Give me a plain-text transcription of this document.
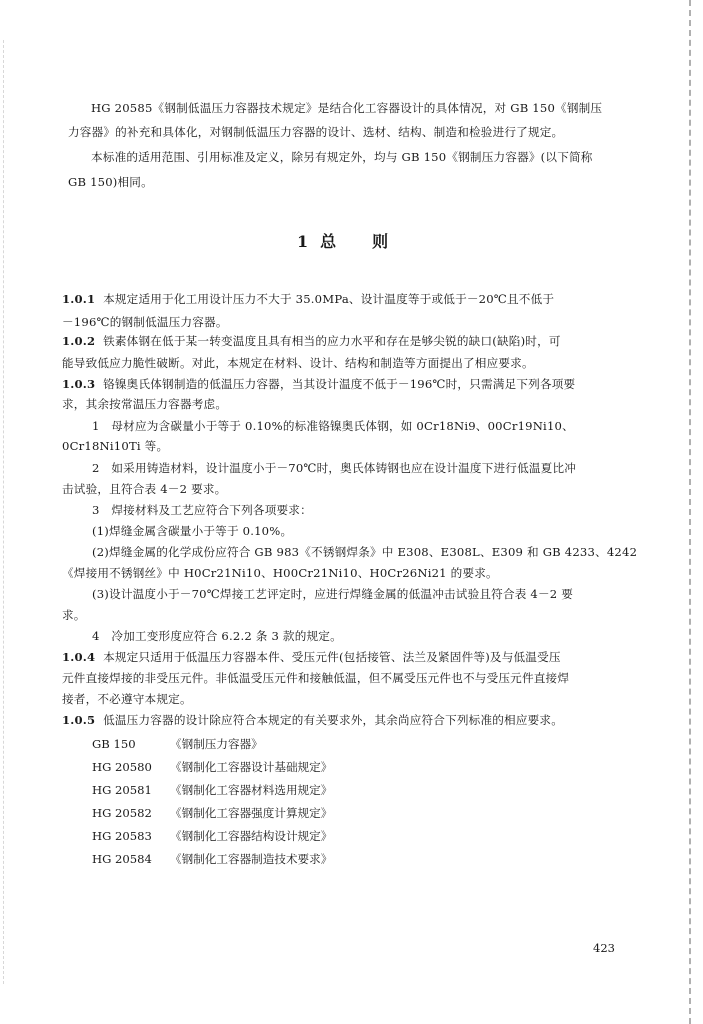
HG 20585《钢制低温压力容器技术规定》是结合化工容器设计的具体情况，对 GB 150《钢制压
力容器》的补充和具体化，对钢制低温压力容器的设计、选材、结构、制造和检验进行了规定。
本标准的适用范围、引用标准及定义，除另有规定外，均与 GB 150《钢制压力容器》(以下简称
GB 150)相同。
1 总 则
1.0.1 本规定适用于化工用设计压力不大于 35.0MPa、设计温度等于或低于－20℃且不低于
－196℃的钢制低温压力容器。
1.0.2 铁素体钢在低于某一转变温度且具有相当的应力水平和存在是够尖锐的缺口(缺陷)时，可
能导致低应力脆性破断。对此，本规定在材料、设计、结构和制造等方面提出了相应要求。
1.0.3 铬镍奥氏体钢制造的低温压力容器，当其设计温度不低于－196℃时，只需满足下列各项要
求，其余按常温压力容器考虑。
1　母材应为含碳量小于等于 0.10%的标准铬镍奥氏体钢，如 0Cr18Ni9、00Cr19Ni10、
0Cr18Ni10Ti 等。
2　如采用铸造材料，设计温度小于－70℃时，奥氏体铸钢也应在设计温度下进行低温夏比冲
击试验，且符合表 4－2 要求。
3　焊接材料及工艺应符合下列各项要求：
(1)焊缝金属含碳量小于等于 0.10%。
(2)焊缝金属的化学成份应符合 GB 983《不锈钢焊条》中 E308、E308L、E309 和 GB 4233、4242
《焊接用不锈钢丝》中 H0Cr21Ni10、H00Cr21Ni10、H0Cr26Ni21 的要求。
(3)设计温度小于－70℃焊接工艺评定时，应进行焊缝金属的低温冲击试验且符合表 4－2 要
求。
4　冷加工变形度应符合 6.2.2 条 3 款的规定。
1.0.4 本规定只适用于低温压力容器本件、受压元件(包括接管、法兰及紧固件等)及与低温受压
元件直接焊接的非受压元件。非低温受压元件和接触低温，但不属受压元件也不与受压元件直接焊
接者，不必遵守本规定。
1.0.5 低温压力容器的设计除应符合本规定的有关要求外，其余尚应符合下列标准的相应要求。
GB 150	《钢制压力容器》
HG 20580 《钢制化工容器设计基础规定》
HG 20581 《钢制化工容器材料选用规定》
HG 20582 《钢制化工容器强度计算规定》
HG 20583 《钢制化工容器结构设计规定》
HG 20584 《钢制化工容器制造技术要求》
423
